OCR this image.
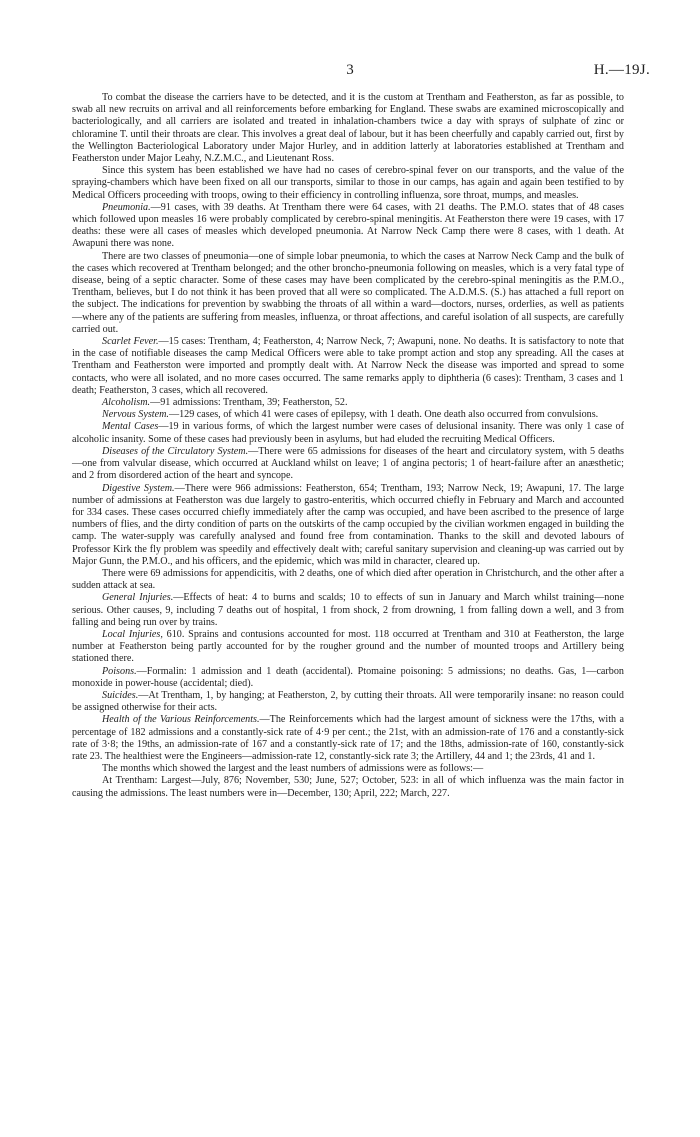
3	H.—19J.

To combat the disease the carriers have to be detected, and it is the custom at Trentham and Featherston, as far as possible, to swab all new recruits on arrival and all reinforcements before embarking for England. These swabs are examined microscopically and bacteriologically, and all carriers are isolated and treated in inhalation-chambers twice a day with sprays of sulphate of zinc or chloramine T. until their throats are clear. This involves a great deal of labour, but it has been cheerfully and capably carried out, first by the Wellington Bacteriological Laboratory under Major Hurley, and in addition latterly at laboratories established at Trentham and Featherston under Major Leahy, N.Z.M.C., and Lieutenant Ross.

Since this system has been established we have had no cases of cerebro-spinal fever on our transports, and the value of the spraying-chambers which have been fixed on all our transports, similar to those in our camps, has again and again been testified to by Medical Officers proceeding with troops, owing to their efficiency in controlling influenza, sore throat, mumps, and measles.

Pneumonia.—91 cases, with 39 deaths. At Trentham there were 64 cases, with 21 deaths. The P.M.O. states that of 48 cases which followed upon measles 16 were probably complicated by cerebro-spinal meningitis. At Featherston there were 19 cases, with 17 deaths: these were all cases of measles which developed pneumonia. At Narrow Neck Camp there were 8 cases, with 1 death. At Awapuni there was none.

There are two classes of pneumonia—one of simple lobar pneumonia, to which the cases at Narrow Neck Camp and the bulk of the cases which recovered at Trentham belonged; and the other broncho-pneumonia following on measles, which is a very fatal type of disease, being of a septic character. Some of these cases may have been complicated by the cerebro-spinal meningitis as the P.M.O., Trentham, believes, but I do not think it has been proved that all were so complicated. The A.D.M.S. (S.) has attached a full report on the subject. The indications for prevention by swabbing the throats of all within a ward—doctors, nurses, orderlies, as well as patients—where any of the patients are suffering from measles, influenza, or throat affections, and careful isolation of all suspects, are carefully carried out.

Scarlet Fever.—15 cases: Trentham, 4; Featherston, 4; Narrow Neck, 7; Awapuni, none. No deaths. It is satisfactory to note that in the case of notifiable diseases the camp Medical Officers were able to take prompt action and stop any spreading. All the cases at Trentham and Featherston were imported and promptly dealt with. At Narrow Neck the disease was imported and spread to some contacts, who were all isolated, and no more cases occurred. The same remarks apply to diphtheria (6 cases): Trentham, 3 cases and 1 death; Featherston, 3 cases, which all recovered.

Alcoholism.—91 admissions: Trentham, 39; Featherston, 52.

Nervous System.—129 cases, of which 41 were cases of epilepsy, with 1 death. One death also occurred from convulsions.

Mental Cases—19 in various forms, of which the largest number were cases of delusional insanity. There was only 1 case of alcoholic insanity. Some of these cases had previously been in asylums, but had eluded the recruiting Medical Officers.

Diseases of the Circulatory System.—There were 65 admissions for diseases of the heart and circulatory system, with 5 deaths—one from valvular disease, which occurred at Auckland whilst on leave; 1 of angina pectoris; 1 of heart-failure after an anæsthetic; and 2 from disordered action of the heart and syncope.

Digestive System.—There were 966 admissions: Featherston, 654; Trentham, 193; Narrow Neck, 19; Awapuni, 17. The large number of admissions at Featherston was due largely to gastro-enteritis, which occurred chiefly in February and March and accounted for 334 cases. These cases occurred chiefly immediately after the camp was occupied, and have been ascribed to the presence of large numbers of flies, and the dirty condition of parts on the outskirts of the camp occupied by the civilian workmen engaged in building the camp. The water-supply was carefully analysed and found free from contamination. Thanks to the skill and devoted labours of Professor Kirk the fly problem was speedily and effectively dealt with; careful sanitary supervision and cleaning-up was carried out by Major Gunn, the P.M.O., and his officers, and the epidemic, which was mild in character, cleared up.

There were 69 admissions for appendicitis, with 2 deaths, one of which died after operation in Christchurch, and the other after a sudden attack at sea.

General Injuries.—Effects of heat: 4 to burns and scalds; 10 to effects of sun in January and March whilst training—none serious. Other causes, 9, including 7 deaths out of hospital, 1 from shock, 2 from drowning, 1 from falling down a well, and 3 from falling and being run over by trains.

Local Injuries, 610. Sprains and contusions accounted for most. 118 occurred at Trentham and 310 at Featherston, the large number at Featherston being partly accounted for by the rougher ground and the number of mounted troops and Artillery being stationed there.

Poisons.—Formalin: 1 admission and 1 death (accidental). Ptomaine poisoning: 5 admissions; no deaths. Gas, 1—carbon monoxide in power-house (accidental; died).

Suicides.—At Trentham, 1, by hanging; at Featherston, 2, by cutting their throats. All were temporarily insane: no reason could be assigned otherwise for their acts.

Health of the Various Reinforcements.—The Reinforcements which had the largest amount of sickness were the 17ths, with a percentage of 182 admissions and a constantly-sick rate of 4·9 per cent.; the 21st, with an admission-rate of 176 and a constantly-sick rate of 3·8; the 19ths, an admission-rate of 167 and a constantly-sick rate of 17; and the 18ths, admission-rate of 160, constantly-sick rate 23. The healthiest were the Engineers—admission-rate 12, constantly-sick rate 3; the Artillery, 44 and 1; the 23rds, 41 and 1.

The months which showed the largest and the least numbers of admissions were as follows:—

At Trentham: Largest—July, 876; November, 530; June, 527; October, 523: in all of which influenza was the main factor in causing the admissions. The least numbers were in—December, 130; April, 222; March, 227.
